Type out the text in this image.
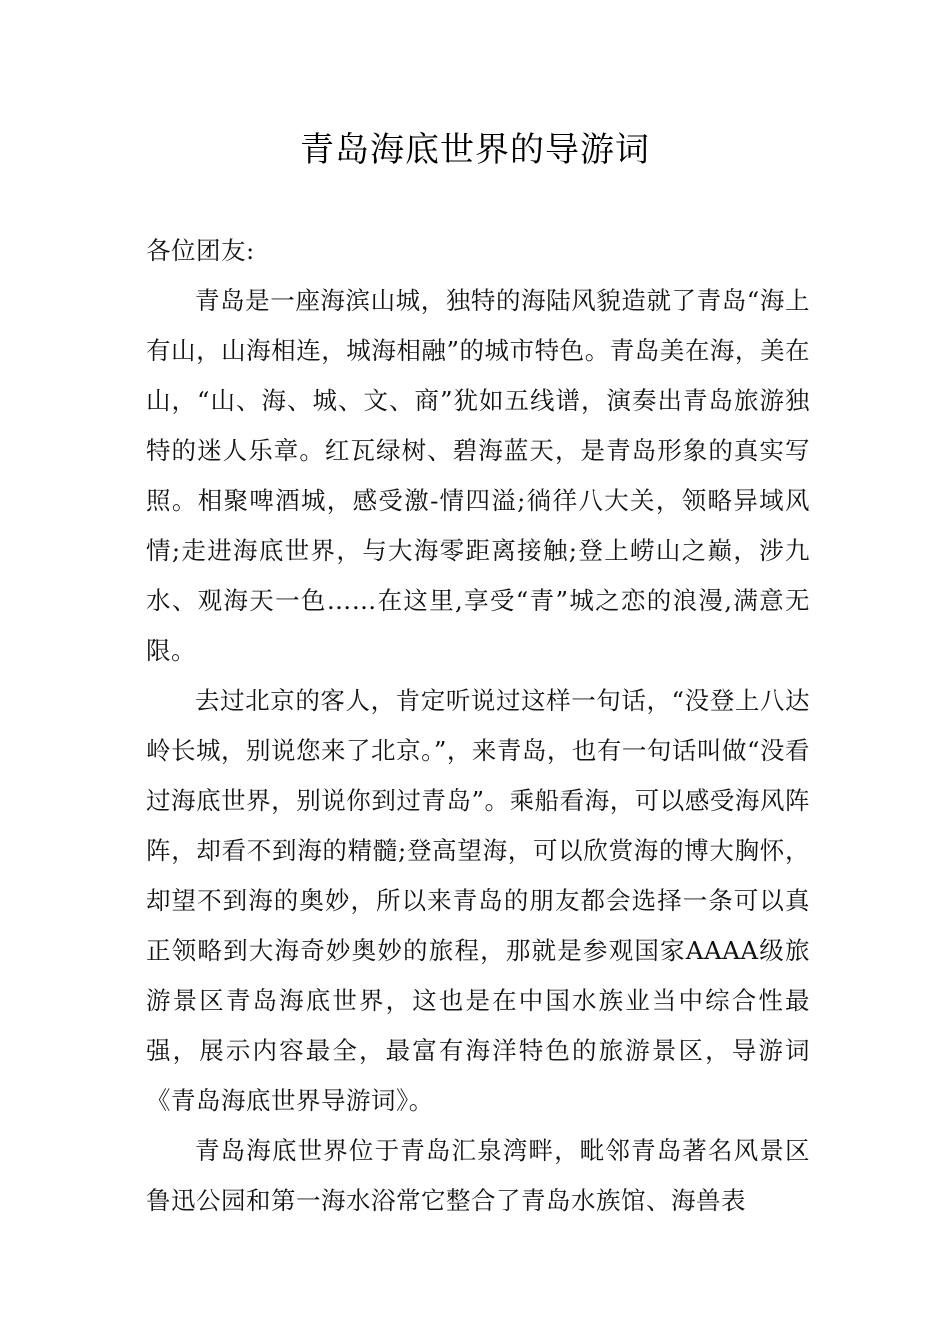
青岛海底世界的导游词

各位团友:

青岛是一座海滨山城，独特的海陆风貌造就了青岛“海上有山，山海相连，城海相融”的城市特色。青岛美在海，美在山，“山、海、城、文、商”犹如五线谱，演奏出青岛旅游独特的迷人乐章。红瓦绿树、碧海蓝天，是青岛形象的真实写照。相聚啤酒城，感受激-情四溢;徜徉八大关，领略异域风情;走进海底世界，与大海零距离接触;登上崂山之巅，涉九水、观海天一色……在这里,享受“青”城之恋的浪漫,满意无限。

去过北京的客人，肯定听说过这样一句话，“没登上八达岭长城，别说您来了北京。”，来青岛，也有一句话叫做“没看过海底世界，别说你到过青岛”。乘船看海，可以感受海风阵阵，却看不到海的精髓;登高望海，可以欣赏海的博大胸怀，却望不到海的奥妙，所以来青岛的朋友都会选择一条可以真正领略到大海奇妙奥妙的旅程，那就是参观国家AAAA级旅游景区青岛海底世界，这也是在中国水族业当中综合性最强，展示内容最全，最富有海洋特色的旅游景区，导游词《青岛海底世界导游词》。

青岛海底世界位于青岛汇泉湾畔，毗邻青岛著名风景区鲁迅公园和第一海水浴常它整合了青岛水族馆、海兽表
